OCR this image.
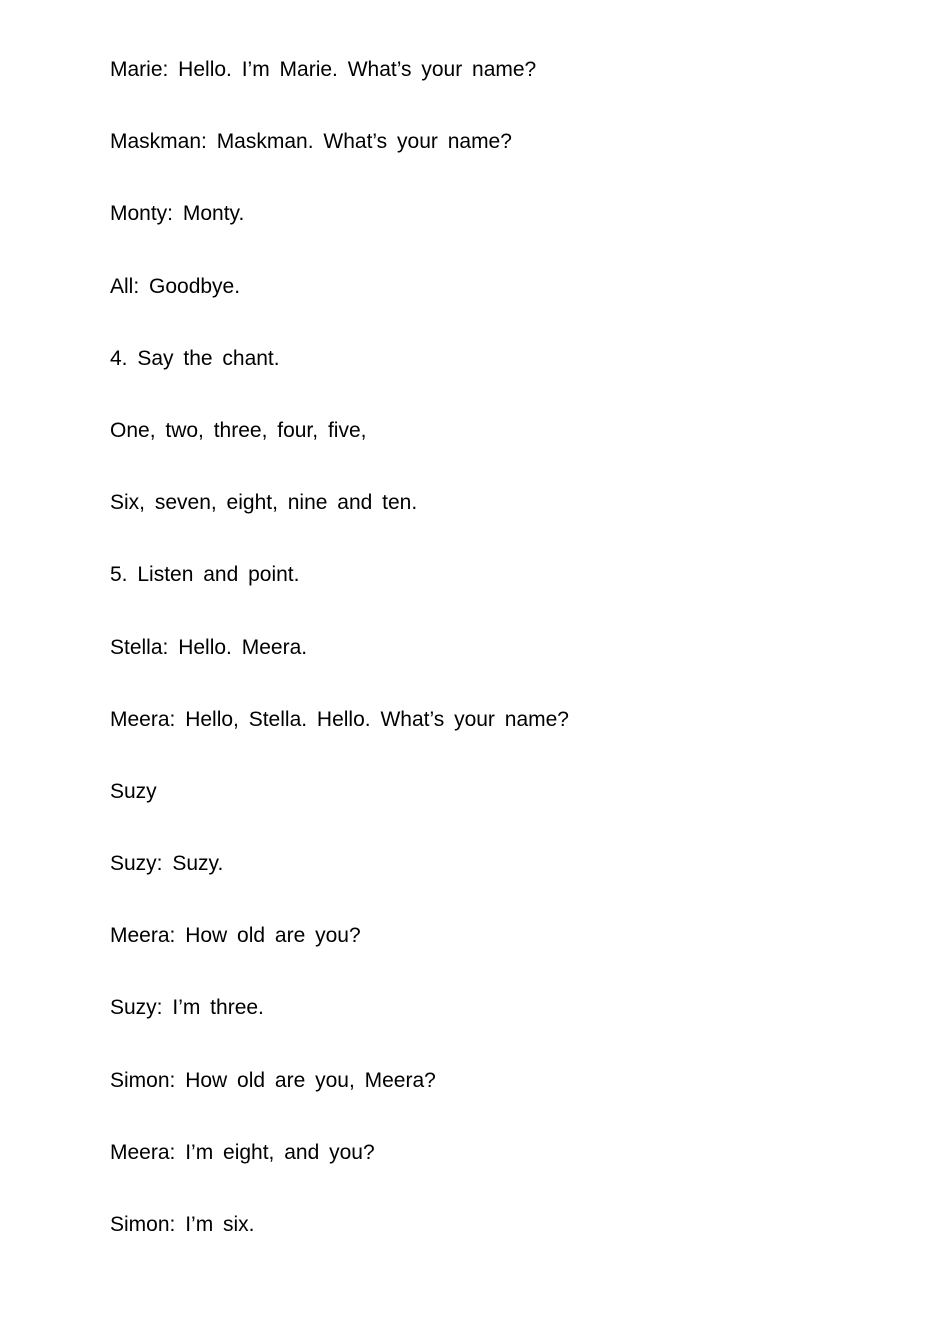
Marie: Hello. I’m Marie. What’s your name?
Maskman: Maskman. What’s your name?
Monty: Monty.
All: Goodbye.
4. Say the chant.
One, two, three, four, five,
Six, seven, eight, nine and ten.
5. Listen and point.
Stella: Hello. Meera.
Meera: Hello, Stella. Hello. What’s your name?
Suzy
Suzy: Suzy.
Meera: How old are you?
Suzy: I’m three.
Simon: How old are you, Meera?
Meera: I’m eight, and you?
Simon: I’m six.
